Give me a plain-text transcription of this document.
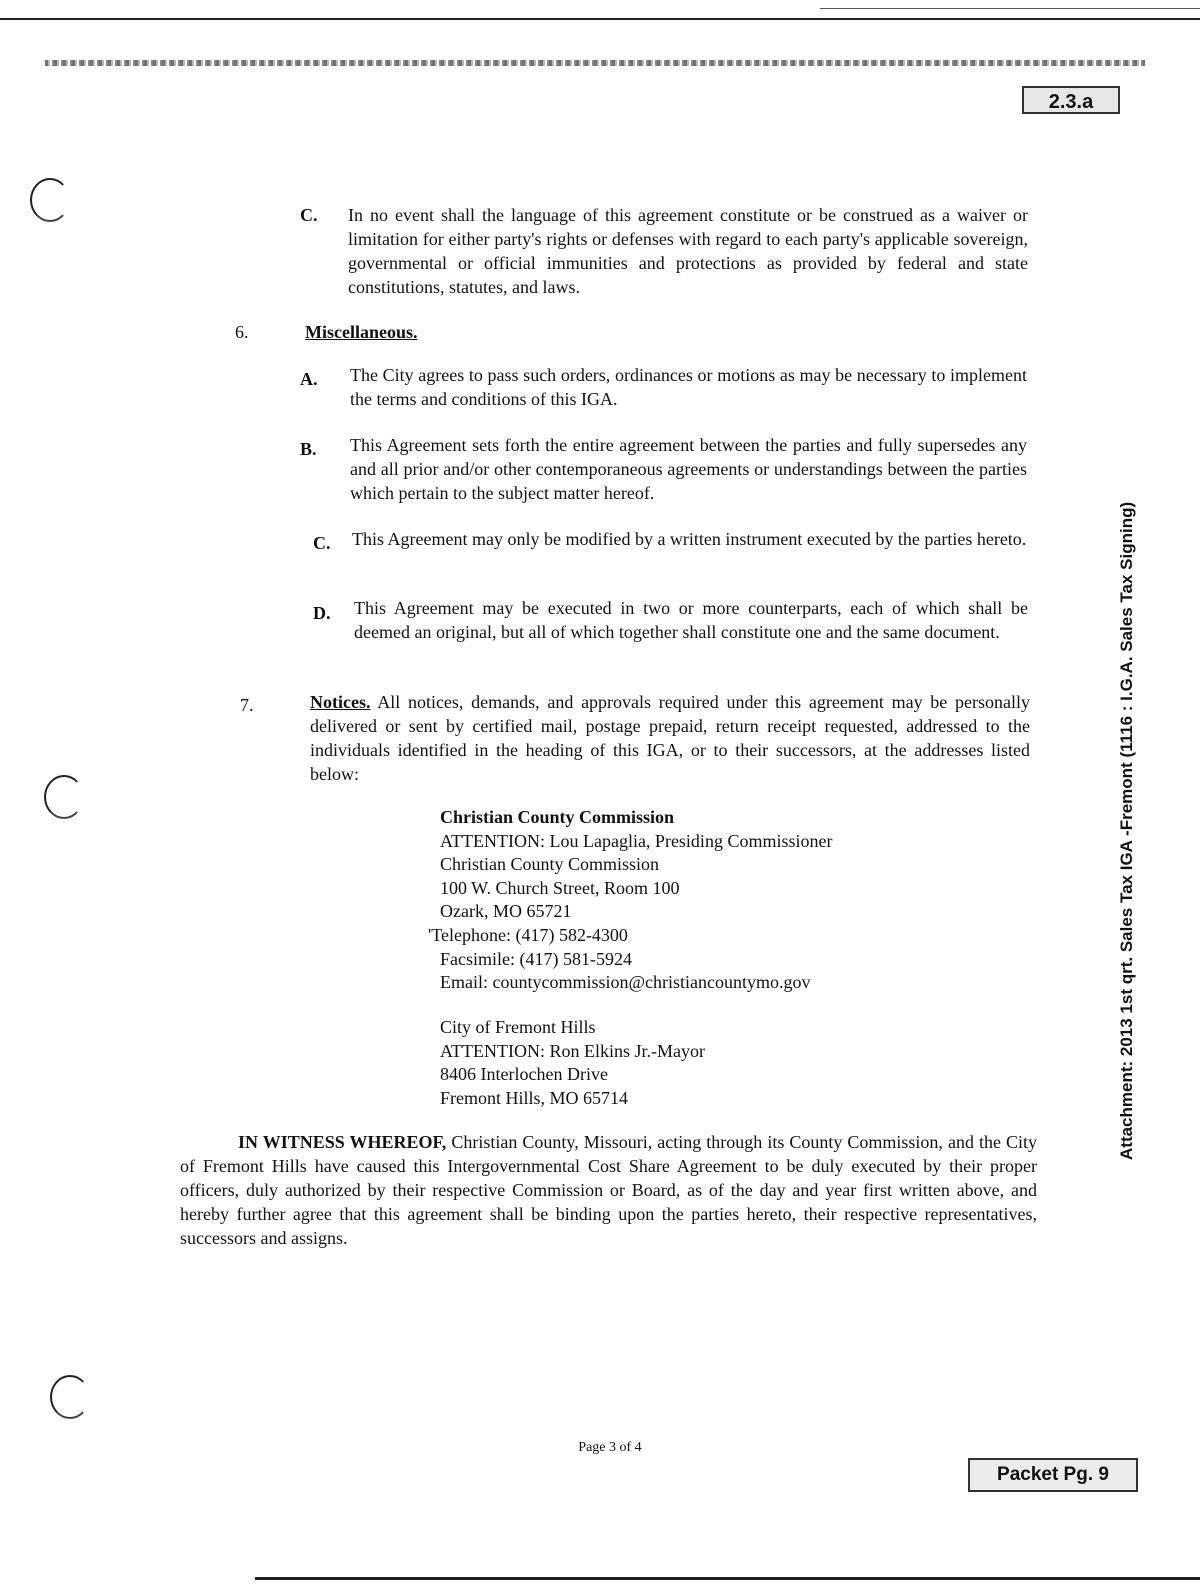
2.3.a
C. In no event shall the language of this agreement constitute or be construed as a waiver or limitation for either party's rights or defenses with regard to each party's applicable sovereign, governmental or official immunities and protections as provided by federal and state constitutions, statutes, and laws.
6.	Miscellaneous.
A. The City agrees to pass such orders, ordinances or motions as may be necessary to implement the terms and conditions of this IGA.
B. This Agreement sets forth the entire agreement between the parties and fully supersedes any and all prior and/or other contemporaneous agreements or understandings between the parties which pertain to the subject matter hereof.
C. This Agreement may only be modified by a written instrument executed by the parties hereto.
D. This Agreement may be executed in two or more counterparts, each of which shall be deemed an original, but all of which together shall constitute one and the same document.
7.	Notices. All notices, demands, and approvals required under this agreement may be personally delivered or sent by certified mail, postage prepaid, return receipt requested, addressed to the individuals identified in the heading of this IGA, or to their successors, at the addresses listed below:
Christian County Commission
ATTENTION: Lou Lapaglia, Presiding Commissioner
Christian County Commission
100 W. Church Street, Room 100
Ozark, MO 65721
'Telephone: (417) 582-4300
Facsimile: (417) 581-5924
Email: countycommission@christiancountymo.gov
City of Fremont Hills
ATTENTION: Ron Elkins Jr.-Mayor
8406 Interlochen Drive
Fremont Hills, MO 65714
IN WITNESS WHEREOF, Christian County, Missouri, acting through its County Commission, and the City of Fremont Hills have caused this Intergovernmental Cost Share Agreement to be duly executed by their proper officers, duly authorized by their respective Commission or Board, as of the day and year first written above, and hereby further agree that this agreement shall be binding upon the parties hereto, their respective representatives, successors and assigns.
Page 3 of 4
Packet Pg. 9
Attachment: 2013 1st qrt. Sales Tax IGA -Fremont (1116 : I.G.A. Sales Tax Signing)
